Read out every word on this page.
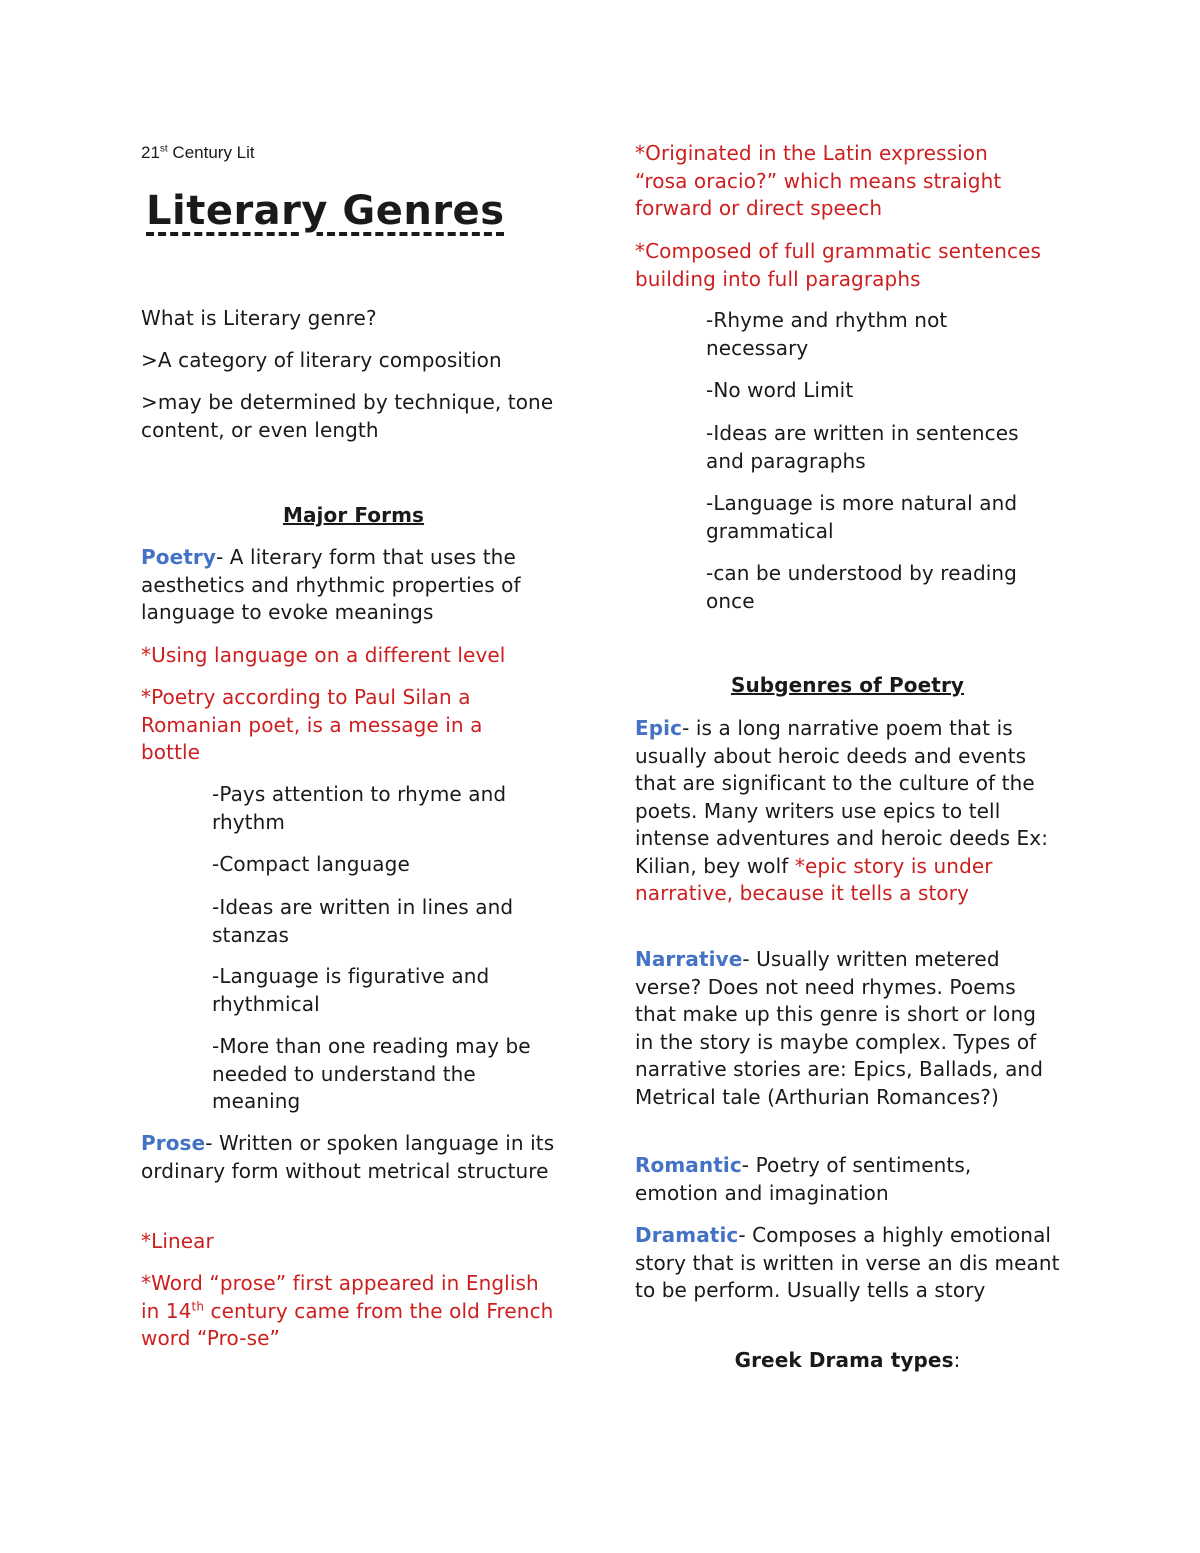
21st Century Lit
Literary Genres

What is Literary genre?

>A category of literary composition

>may be determined by technique, tone content, or even length

Major Forms

Poetry- A literary form that uses the aesthetics and rhythmic properties of language to evoke meanings

*Using language on a different level

*Poetry according to Paul Silan a Romanian poet, is a message in a bottle

-Pays attention to rhyme and rhythm

-Compact language

-Ideas are written in lines and stanzas

-Language is figurative and rhythmical

-More than one reading may be needed to understand the meaning

Prose- Written or spoken language in its ordinary form without metrical structure

*Linear

*Word “prose” first appeared in English in 14th century came from the old French word “Pro-se”

*Originated in the Latin expression “rosa oracio?” which means straight forward or direct speech

*Composed of full grammatic sentences building into full paragraphs

-Rhyme and rhythm not necessary

-No word Limit

-Ideas are written in sentences and paragraphs

-Language is more natural and grammatical

-can be understood by reading once

Subgenres of Poetry

Epic- is a long narrative poem that is usually about heroic deeds and events that are significant to the culture of the poets. Many writers use epics to tell intense adventures and heroic deeds Ex: Kilian, bey wolf *epic story is under narrative, because it tells a story

Narrative- Usually written metered verse? Does not need rhymes. Poems that make up this genre is short or long in the story is maybe complex. Types of narrative stories are: Epics, Ballads, and Metrical tale (Arthurian Romances?)

Romantic- Poetry of sentiments, emotion and imagination

Dramatic- Composes a highly emotional story that is written in verse an dis meant to be perform. Usually tells a story

Greek Drama types:
